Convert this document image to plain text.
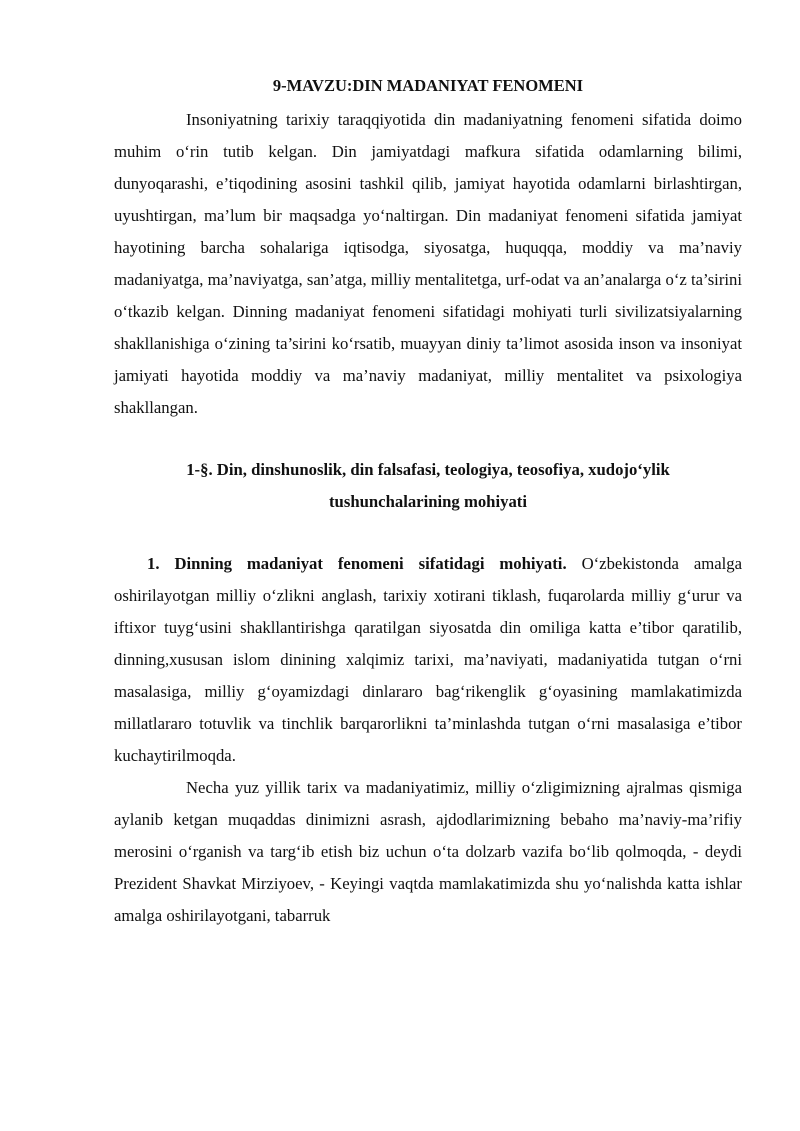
9-MAVZU:DIN MADANIYAT FENOMENI

Insoniyatning tarixiy taraqqiyotida din madaniyatning fenomeni sifatida doimo muhim o‘rin tutib kelgan. Din jamiyatdagi mafkura sifatida odamlarning bilimi, dunyoqarashi, e’tiqodining asosini tashkil qilib, jamiyat hayotida odamlarni birlashtirgan, uyushtirgan, ma’lum bir maqsadga yo‘naltirgan. Din madaniyat fenomeni sifatida jamiyat hayotining barcha sohalariga iqtisodga, siyosatga, huquqqa, moddiy va ma’naviy madaniyatga, ma’naviyatga, san’atga, milliy mentalitetga, urf-odat va an’analarga o‘z ta’sirini o‘tkazib kelgan. Dinning madaniyat fenomeni sifatidagi mohiyati turli sivilizatsiyalarning shakllanishiga o‘zining ta’sirini ko‘rsatib, muayyan diniy ta’limot asosida inson va insoniyat jamiyati hayotida moddiy va ma’naviy madaniyat, milliy mentalitet va psixologiya shakllangan.

1-§. Din, dinshunoslik, din falsafasi, teologiya, teosofiya, xudojo‘ylik
tushunchalarining mohiyati

1. Dinning madaniyat fenomeni sifatidagi mohiyati. O‘zbekistonda amalga oshirilayotgan milliy o‘zlikni anglash, tarixiy xotirani tiklash, fuqarolarda milliy g‘urur va iftixor tuyg‘usini shakllantirishga qaratilgan siyosatda din omiliga katta e’tibor qaratilib, dinning,xususan islom dinining xalqimiz tarixi, ma’naviyati, madaniyatida tutgan o‘rni masalasiga, milliy g‘oyamizdagi dinlararo bag‘rikenglik g‘oyasining mamlakatimizda millatlararo totuvlik va tinchlik barqarorlikni ta’minlashda tutgan o‘rni masalasiga e’tibor kuchaytirilmoqda.

Necha yuz yillik tarix va madaniyatimiz, milliy o‘zligimizning ajralmas qismiga aylanib ketgan muqaddas dinimizni asrash, ajdodlarimizning bebaho ma’naviy-ma’rifiy merosini o‘rganish va targ‘ib etish biz uchun o‘ta dolzarb vazifa bo‘lib qolmoqda, - deydi Prezident Shavkat Mirziyoev, - Keyingi vaqtda mamlakatimizda shu yo‘nalishda katta ishlar amalga oshirilayotgani, tabarruk
